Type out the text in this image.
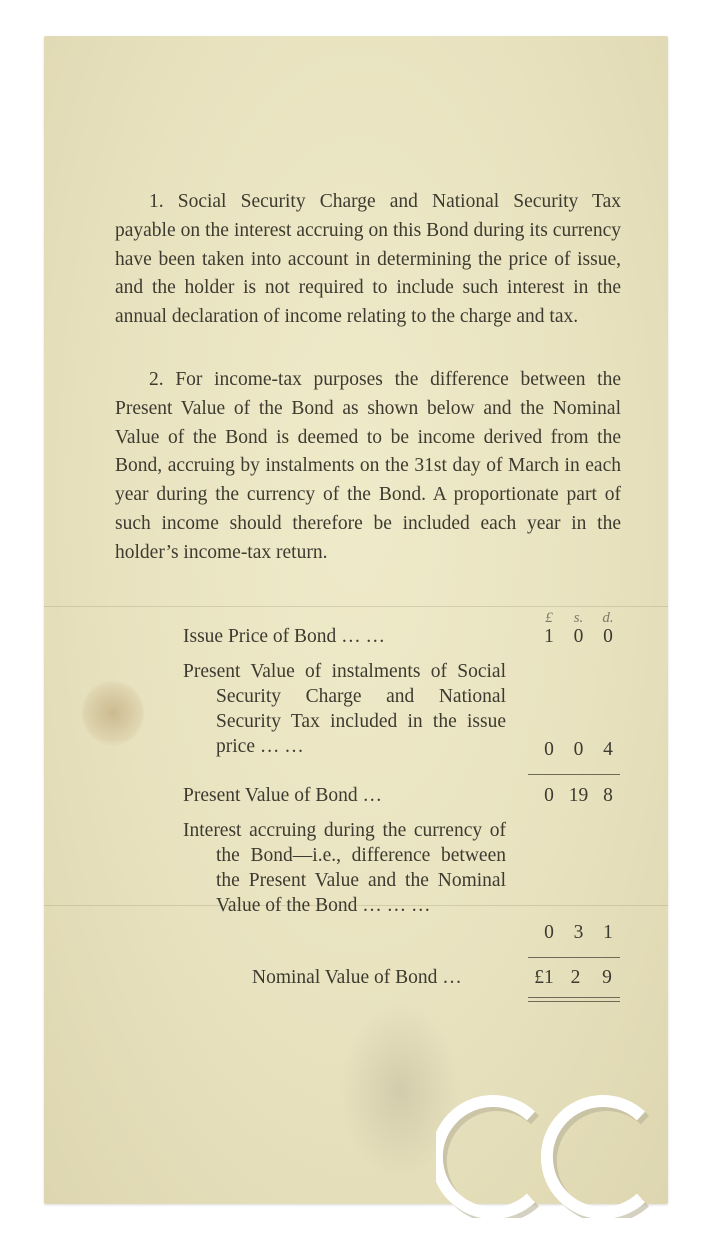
1. Social Security Charge and National Security Tax payable on the interest accruing on this Bond during its currency have been taken into account in determining the price of issue, and the holder is not required to include such interest in the annual declaration of income relating to the charge and tax.

2. For income-tax purposes the difference between the Present Value of the Bond as shown below and the Nominal Value of the Bond is deemed to be income derived from the Bond, accruing by instalments on the 31st day of March in each year during the currency of the Bond. A proportionate part of such income should therefore be included each year in the holder’s income-tax return.

£	s.	d.
Issue Price of Bond … …	1	0	0
Present Value of instalments of Social Security Charge and National Security Tax included in the issue price … …	0	0	4
Present Value of Bond …	0 19 8
Interest accruing during the currency of the Bond—i.e., difference between the Present Value and the Nominal Value of the Bond … … …
0	3	1
Nominal Value of Bond …	£1 2	9
